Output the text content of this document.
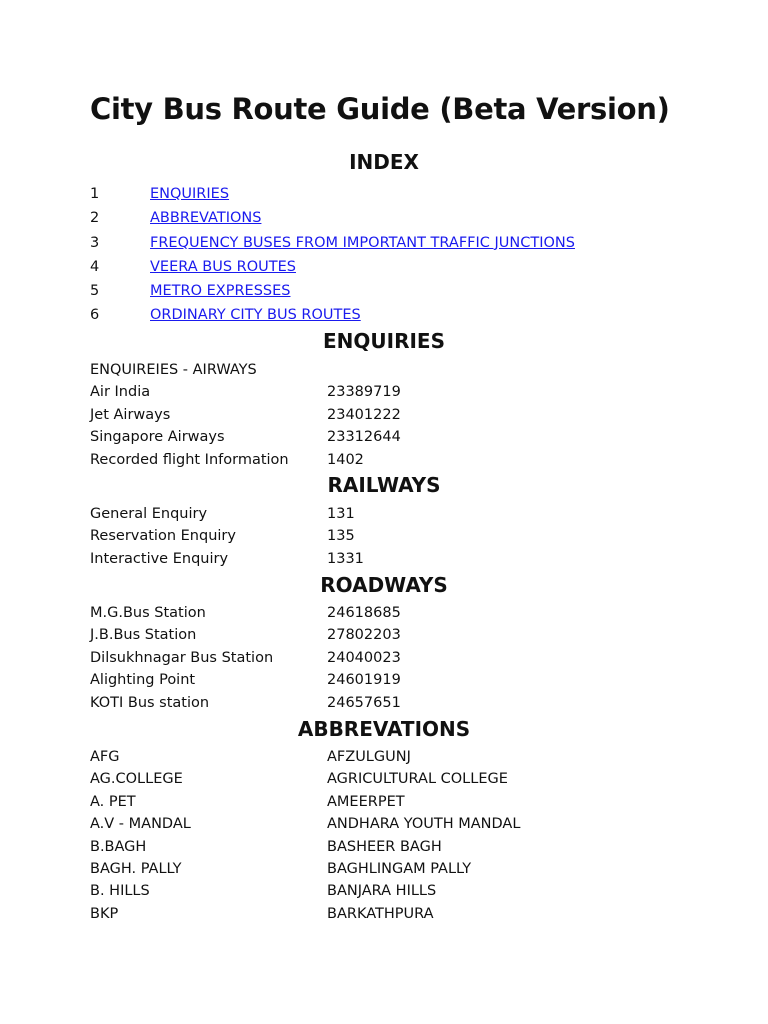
City Bus Route Guide (Beta Version)
INDEX
1	ENQUIRIES
2	ABBREVATIONS
3	FREQUENCY BUSES FROM IMPORTANT TRAFFIC JUNCTIONS
4	VEERA BUS ROUTES
5	METRO EXPRESSES
6	ORDINARY CITY BUS ROUTES
ENQUIRIES
ENQUIREIES - AIRWAYS
Air India	23389719
Jet Airways	23401222
Singapore Airways	23312644
Recorded flight Information	1402
RAILWAYS
General Enquiry	131
Reservation Enquiry	135
Interactive Enquiry	1331
ROADWAYS
M.G.Bus Station	24618685
J.B.Bus Station	27802203
Dilsukhnagar Bus Station	24040023
Alighting Point	24601919
KOTI Bus station	24657651
ABBREVATIONS
AFG	AFZULGUNJ
AG.COLLEGE	AGRICULTURAL COLLEGE
A. PET	AMEERPET
A.V - MANDAL	ANDHARA YOUTH MANDAL
B.BAGH	BASHEER BAGH
BAGH. PALLY	BAGHLINGAM PALLY
B. HILLS	BANJARA HILLS
BKP	BARKATHPURA
